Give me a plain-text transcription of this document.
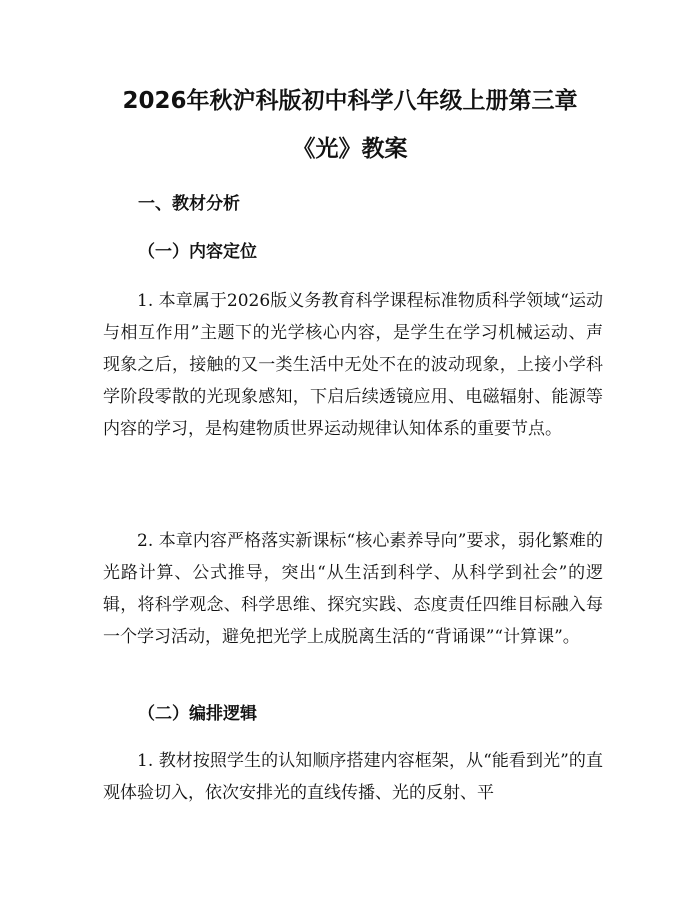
2026年秋沪科版初中科学八年级上册第三章
《光》教案
一、教材分析
（一）内容定位

1. 本章属于2026版义务教育科学课程标准物质科学领域“运动与相互作用”主题下的光学核心内容，是学生在学习机械运动、声现象之后，接触的又一类生活中无处不在的波动现象，上接小学科学阶段零散的光现象感知，下启后续透镜应用、电磁辐射、能源等内容的学习，是构建物质世界运动规律认知体系的重要节点。

2. 本章内容严格落实新课标“核心素养导向”要求，弱化繁难的光路计算、公式推导，突出“从生活到科学、从科学到社会”的逻辑，将科学观念、科学思维、探究实践、态度责任四维目标融入每一个学习活动，避免把光学上成脱离生活的“背诵课”“计算课”。

（二）编排逻辑

1. 教材按照学生的认知顺序搭建内容框架，从“能看到光”的直观体验切入，依次安排光的直线传播、光的反射、平
